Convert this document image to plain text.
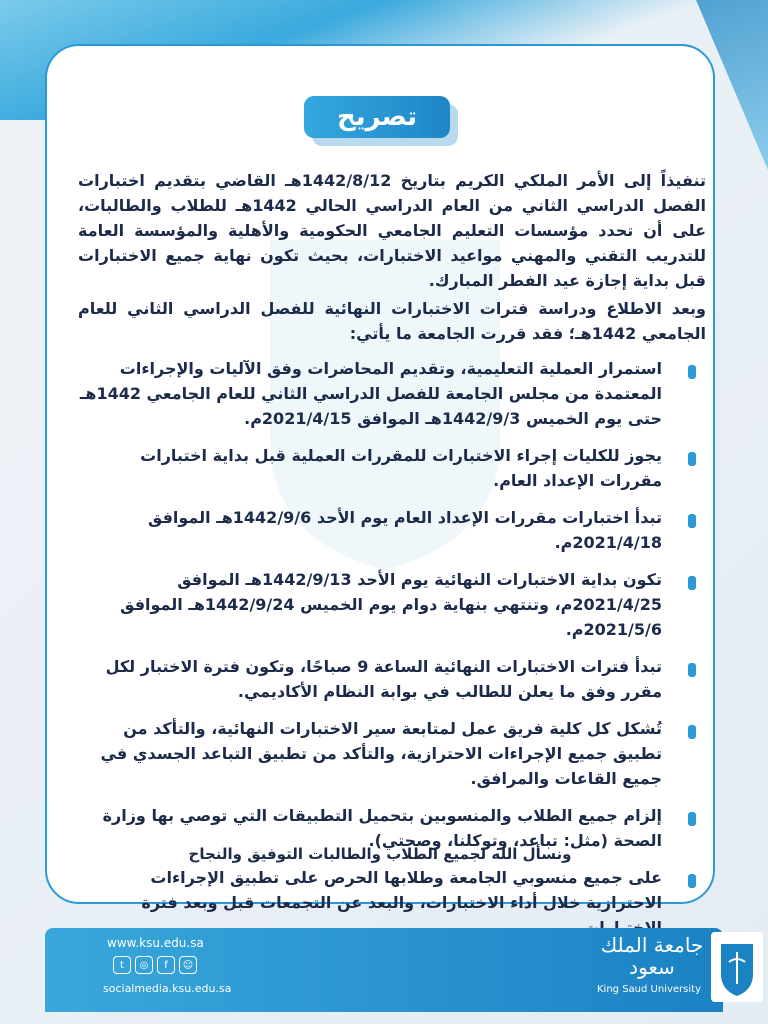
تصريح
تنفيذاً إلى الأمر الملكي الكريم بتاريخ 1442/8/12هـ القاضي بتقديم اختبارات الفصل الدراسي الثاني من العام الدراسي الحالي 1442هـ للطلاب والطالبات، على أن تحدد مؤسسات التعليم الجامعي الحكومية والأهلية والمؤسسة العامة للتدريب التقني والمهني مواعيد الاختبارات، بحيث تكون نهاية جميع الاختبارات قبل بداية إجازة عيد الفطر المبارك.
وبعد الاطلاع ودراسة فترات الاختبارات النهائية للفصل الدراسي الثاني للعام الجامعي 1442هـ؛ فقد قررت الجامعة ما يأتي:
استمرار العملية التعليمية، وتقديم المحاضرات وفق الآليات والإجراءات المعتمدة من مجلس الجامعة للفصل الدراسي الثاني للعام الجامعي 1442هـ حتى يوم الخميس 1442/9/3هـ الموافق 2021/4/15م.
يجوز للكليات إجراء الاختبارات للمقررات العملية قبل بداية اختبارات مقررات الإعداد العام.
تبدأ اختبارات مقررات الإعداد العام يوم الأحد 1442/9/6هـ الموافق 2021/4/18م.
تكون بداية الاختبارات النهائية يوم الأحد 1442/9/13هـ الموافق 2021/4/25م، وتنتهي بنهاية دوام يوم الخميس 1442/9/24هـ الموافق 2021/5/6م.
تبدأ فترات الاختبارات النهائية الساعة 9 صباحًا، وتكون فترة الاختبار لكل مقرر وفق ما يعلن للطالب في بوابة النظام الأكاديمي.
تُشكل كل كلية فريق عمل لمتابعة سير الاختبارات النهائية، والتأكد من تطبيق جميع الإجراءات الاحترازية، والتأكد من تطبيق التباعد الجسدي في جميع القاعات والمرافق.
إلزام جميع الطلاب والمنسوبين بتحميل التطبيقات التي توصي بها وزارة الصحة (مثل: تباعد، وتوكلنا، وصحتي).
على جميع منسوبي الجامعة وطلابها الحرص على تطبيق الإجراءات الاحترازية خلال أداء الاختبارات، والبعد عن التجمعات قبل وبعد فترة
ونسأل الله لجميع الطلاب والطالبات التوفيق والنجاح
www.ksu.edu.sa
t	◎	f	☺
socialmedia.ksu.edu.sa
جامعة الملك سعود
King Saud University
